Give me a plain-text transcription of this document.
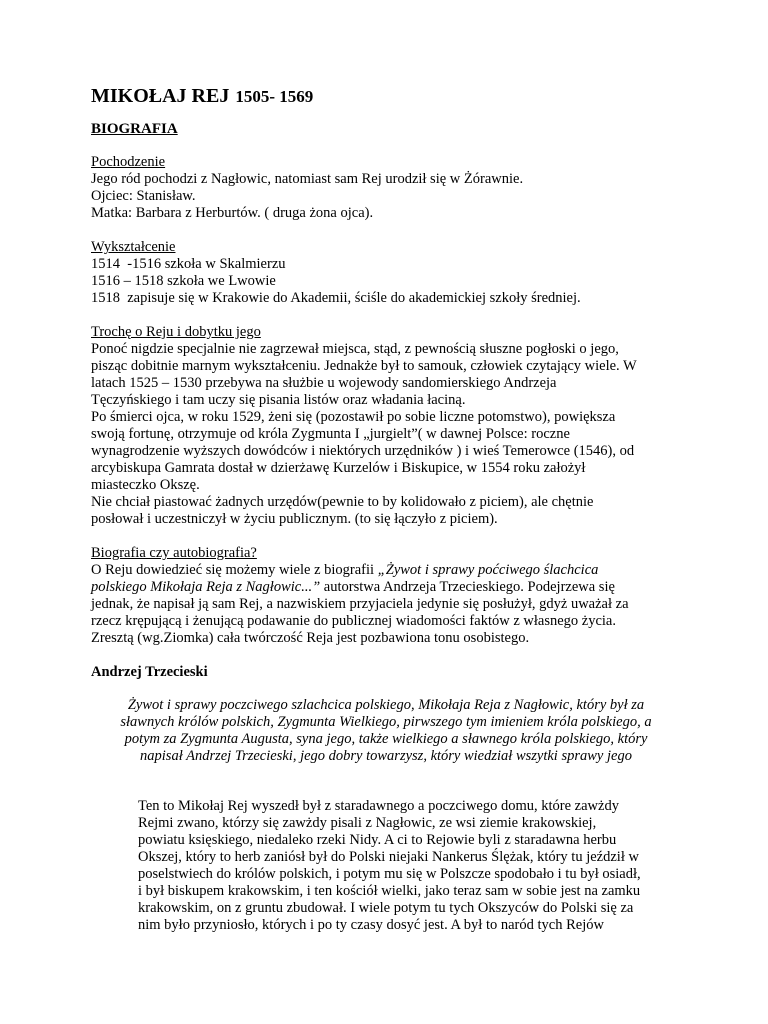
MIKOŁAJ REJ 1505- 1569
BIOGRAFIA
Pochodzenie
Jego ród pochodzi z Nagłowic, natomiast sam Rej urodził się w Żórawnie.
Ojciec: Stanisław.
Matka: Barbara z Herburtów. ( druga żona ojca).
Wykształcenie
1514  -1516 szkoła w Skalmierzu
1516 – 1518 szkoła we Lwowie
1518  zapisuje się w Krakowie do Akademii, ściśle do akademickiej szkoły średniej.
Trochę o Reju i dobytku jego
Ponoć nigdzie specjalnie nie zagrzewał miejsca, stąd, z pewnością słuszne pogłoski o jego,
pisząc dobitnie marnym wykształceniu. Jednakże był to samouk, człowiek czytający wiele. W
latach 1525 – 1530 przebywa na służbie u wojewody sandomierskiego Andrzeja
Tęczyńskiego i tam uczy się pisania listów oraz władania łaciną.
Po śmierci ojca, w roku 1529, żeni się (pozostawił po sobie liczne potomstwo), powiększa
swoją fortunę, otrzymuje od króla Zygmunta I „jurgielt”( w dawnej Polsce: roczne
wynagrodzenie wyższych dowódców i niektórych urzędników ) i wieś Temerowce (1546), od
arcybiskupa Gamrata dostał w dzierżawę Kurzelów i Biskupice, w 1554 roku założył
miasteczko Okszę.
Nie chciał piastować żadnych urzędów(pewnie to by kolidowało z piciem), ale chętnie
posłował i uczestniczył w życiu publicznym. (to się łączyło z piciem).
Biografia czy autobiografia?
O Reju dowiedzieć się możemy wiele z biografii „Żywot i sprawy poćciwego ślachcica
polskiego Mikołaja Reja z Nagłowic...” autorstwa Andrzeja Trzecieskiego. Podejrzewa się
jednak, że napisał ją sam Rej, a nazwiskiem przyjaciela jedynie się posłużył, gdyż uważał za
rzecz krępującą i żenującą podawanie do publicznej wiadomości faktów z własnego życia.
Zresztą (wg.Ziomka) cała twórczość Reja jest pozbawiona tonu osobistego.
Andrzej Trzecieski
Żywot i sprawy poczciwego szlachcica polskiego, Mikołaja Reja z Nagłowic, który był za
sławnych królów polskich, Zygmunta Wielkiego, pirwszego tym imieniem króla polskiego, a
potym za Zygmunta Augusta, syna jego, także wielkiego a sławnego króla polskiego, który
napisał Andrzej Trzecieski, jego dobry towarzysz, który wiedział wszytki sprawy jego
Ten to Mikołaj Rej wyszedł był z staradawnego a poczciwego domu, które zawżdy
Rejmi zwano, którzy się zawżdy pisali z Nagłowic, ze wsi ziemie krakowskiej,
powiatu księskiego, niedaleko rzeki Nidy. A ci to Rejowie byli z staradawna herbu
Okszej, który to herb zaniósł był do Polski niejaki Nankerus Ślężak, który tu jeździł w
poselstwiech do królów polskich, i potym mu się w Polszcze spodobało i tu był osiadł,
i był biskupem krakowskim, i ten kościół wielki, jako teraz sam w sobie jest na zamku
krakowskim, on z gruntu zbudował. I wiele potym tu tych Okszyców do Polski się za
nim było przyniosło, których i po ty czasy dosyć jest. A był to naród tych Rejów
